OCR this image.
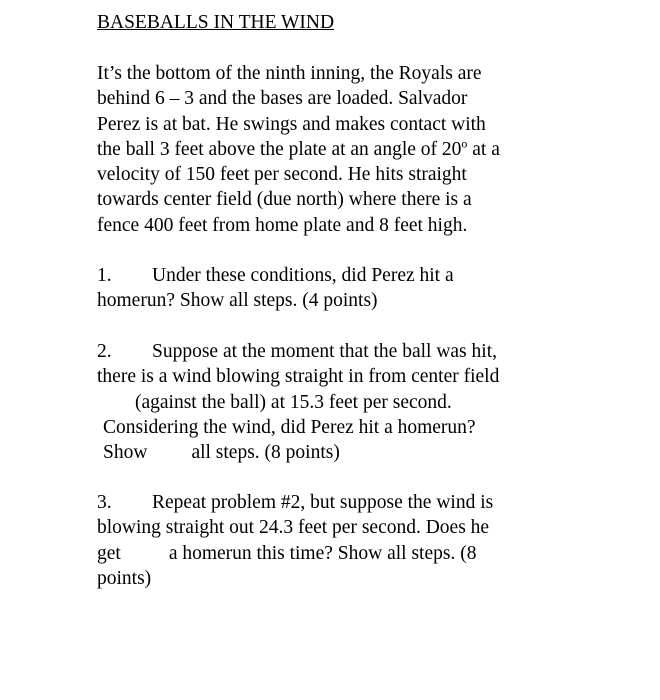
BASEBALLS IN THE WIND
It’s the bottom of the ninth inning, the Royals are
behind 6 – 3 and the bases are loaded. Salvador
Perez is at bat. He swings and makes contact with
the ball 3 feet above the plate at an angle of 20$^o$ at a
velocity of 150 feet per second. He hits straight
towards center field (due north) where there is a
fence 400 feet from home plate and 8 feet high.
1. Under these conditions, did Perez hit a
homerun? Show all steps. (4 points)
2. Suppose at the moment that the ball was hit,
there is a wind blowing straight in from center field
(against the ball) at 15.3 feet per second.
Considering the wind, did Perez hit a homerun?
Show all steps. (8 points)
3. Repeat problem #2, but suppose the wind is
blowing straight out 24.3 feet per second. Does he
get a homerun this time? Show all steps. (8
points)
